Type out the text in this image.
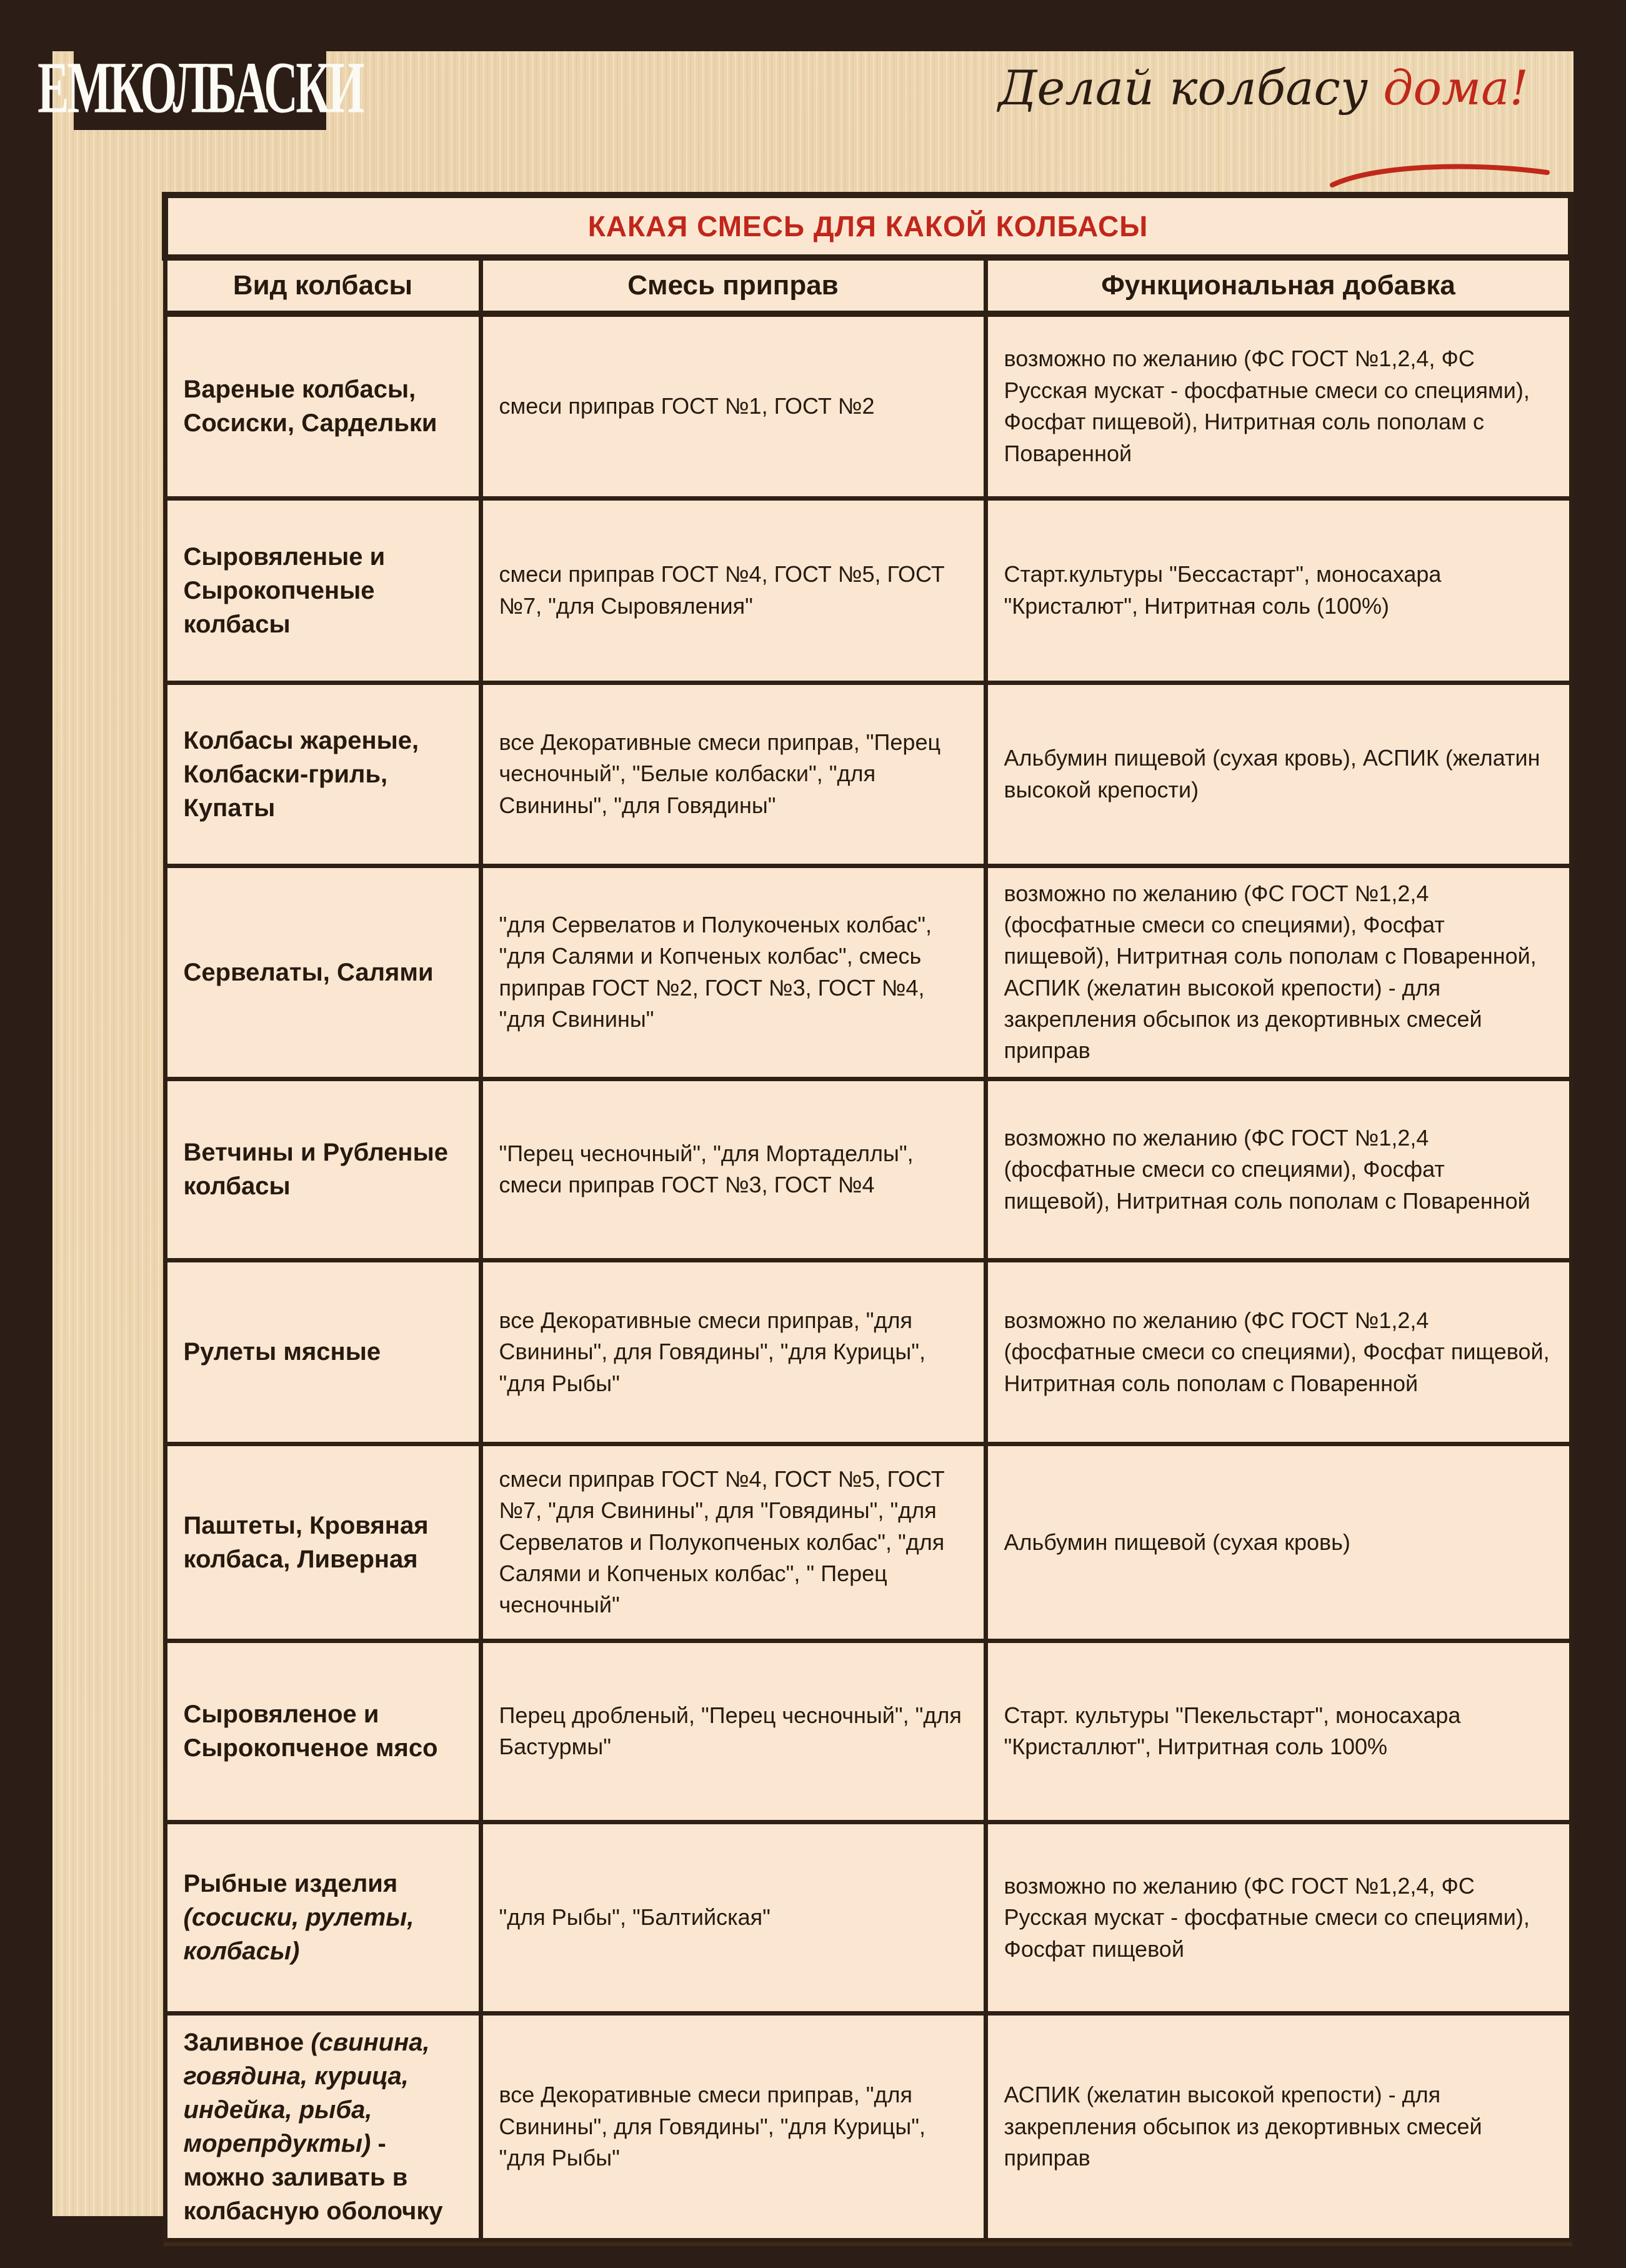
КАКАЯ СМЕСЬ ДЛЯ КАКОЙ КОЛБАСЫ		
Вид колбасы	Смесь приправ	Функциональная добавка
Вареные колбасы, Сосиски, Сардельки	смеси приправ ГОСТ №1, ГОСТ №2	возможно по желанию (ФС ГОСТ №1,2,4, ФС Русская мускат - фосфатные смеси со специями), Фосфат пищевой), Нитритная соль пополам с Поваренной
Сыровяленые и Сырокопченые колбасы	смеси приправ ГОСТ №4, ГОСТ №5, ГОСТ №7, "для Сыровяления"	Старт.культуры "Бессастарт", моносахара "Кристалют", Нитритная соль (100%)
Колбасы жареные, Колбаски-гриль, Купаты	все Декоративные смеси приправ, "Перец чесночный", "Белые колбаски", "для Свинины", "для Говядины"	Альбумин пищевой (сухая кровь), АСПИК (желатин высокой крепости)
Сервелаты, Салями	"для Сервелатов и Полукоченых колбас", "для Салями и Копченых колбас", смесь приправ ГОСТ №2, ГОСТ №3, ГОСТ №4, "для Свинины"	возможно по желанию (ФС ГОСТ №1,2,4 (фосфатные смеси со специями), Фосфат пищевой), Нитритная соль пополам с Поваренной, АСПИК (желатин высокой крепости) - для закрепления обсыпок из декортивных смесей приправ
Ветчины и Рубленые колбасы	"Перец чесночный", "для Мортаделлы", смеси приправ ГОСТ №3, ГОСТ №4	возможно по желанию (ФС ГОСТ №1,2,4 (фосфатные смеси со специями), Фосфат пищевой), Нитритная соль пополам с Поваренной
Рулеты мясные	все Декоративные смеси приправ, "для Свинины", для Говядины", "для Курицы", "для Рыбы"	возможно по желанию (ФС ГОСТ №1,2,4 (фосфатные смеси со специями), Фосфат пищевой, Нитритная соль пополам с Поваренной
Паштеты, Кровяная колбаса, Ливерная	смеси приправ ГОСТ №4, ГОСТ №5, ГОСТ №7, "для Свинины", для "Говядины", "для Сервелатов и Полукопченых колбас", "для Салями и Копченых колбас", " Перец чесночный"	Альбумин пищевой (сухая кровь)
Сыровяленое и Сырокопченое мясо	Перец дробленый, "Перец чесночный", "для Бастурмы"	Старт. культуры "Пекельстарт", моносахара "Кристаллют", Нитритная соль 100%
Рыбные изделия (сосиски, рулеты, колбасы)	"для Рыбы", "Балтийская"	возможно по желанию (ФС ГОСТ №1,2,4, ФС Русская мускат - фосфатные смеси со специями), Фосфат пищевой
Заливное (свинина, говядина, курица, индейка, рыба, морепрдукты) - можно заливать в колбасную оболочку	все Декоративные смеси приправ, "для Свинины", для Говядины", "для Курицы", "для Рыбы"	АСПИК (желатин высокой крепости) - для закрепления обсыпок из декортивных смесей приправ
ЕМКОЛБАСКИ	Делай колбасу дома!
